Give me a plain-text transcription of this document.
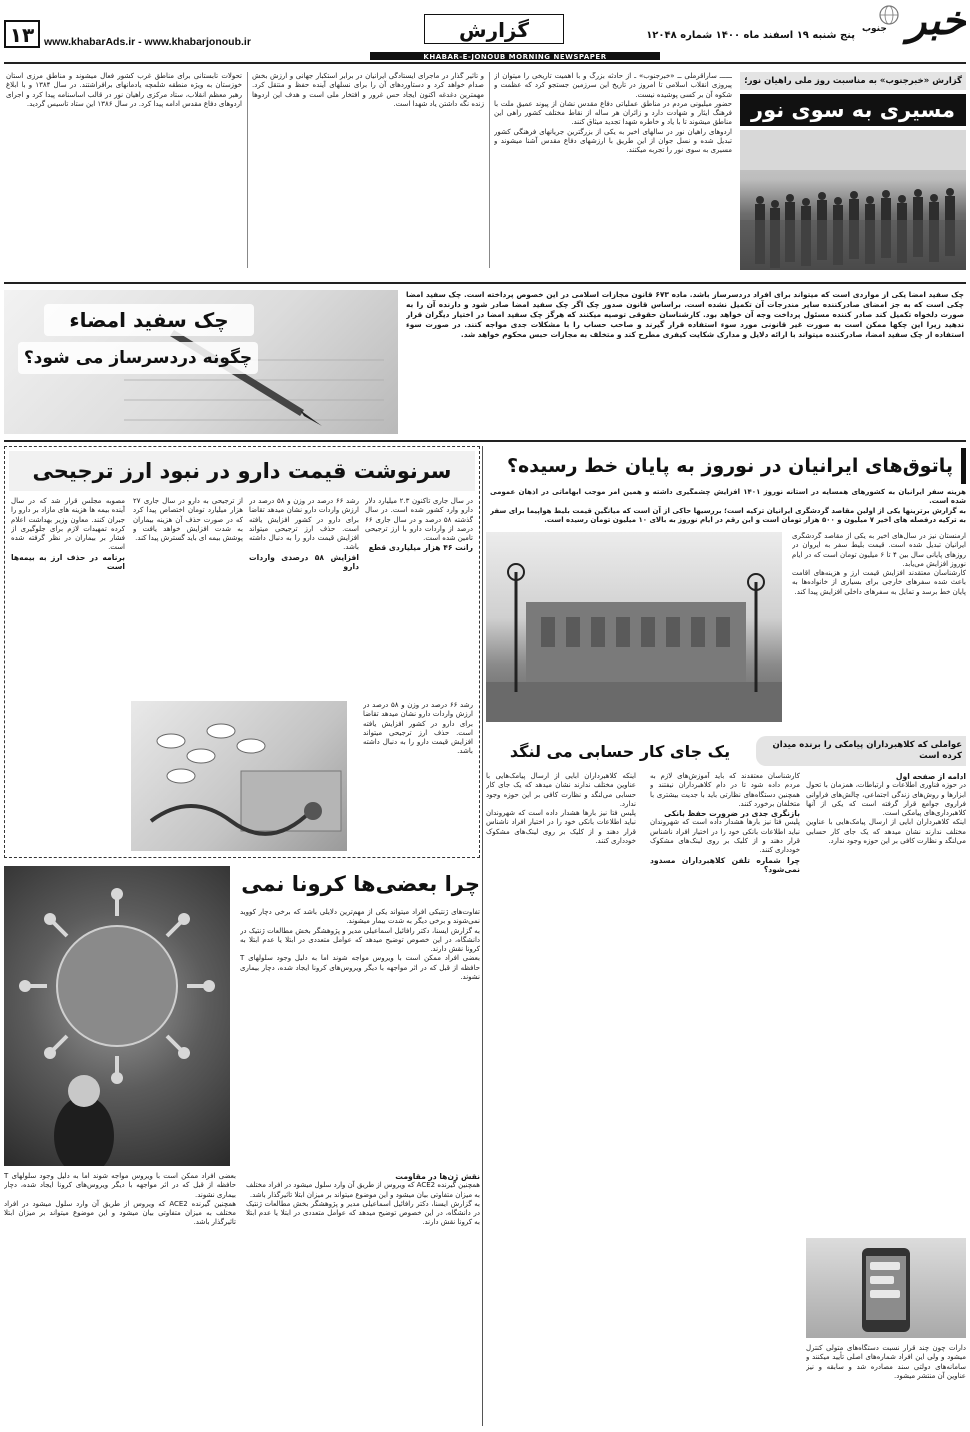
۱۳ www.khabarAds.ir - www.khabarjonoub.ir	گزارش	پنج شنبه ۱۹ اسفند ماه ۱۴۰۰ شماره ۱۲۰۴۸ خبر
جنوب
KHABAR-E-JONOUB MORNING NEWSPAPER
گزارش «خبرجنوب» به مناسبت روز ملی راهیان نور؛
مسیری به سوی نور

ــــــ ساراقرملی ــ «خبرجنوب» ـ از حادثه بزرگ و با اهمیت تاریخی را میتوان از پیروزی انقلاب اسلامی تا امروز در تاریخ این سرزمین جستجو کرد که عظمت و شکوه آن بر کسی پوشیده نیست.

حضور میلیونی مردم در مناطق عملیاتی دفاع مقدس نشان از پیوند عمیق ملت با فرهنگ ایثار و شهادت دارد و زائران هر ساله از نقاط مختلف کشور راهی این مناطق میشوند تا با یاد و خاطره شهدا تجدید میثاق کنند.

اردوهای راهیان نور در سالهای اخیر به یکی از بزرگترین جریانهای فرهنگی کشور تبدیل شده و نسل جوان از این طریق با ارزشهای دفاع مقدس آشنا میشوند و مسیری به سوی نور را تجربه میکنند.

و تأثیر گذار در ماجرای ایستادگی ایرانیان در برابر استکبار جهانی و ارزش بخش صدام خواهد کرد و دستاوردهای آن را برای نسلهای آینده حفظ و منتقل کرد. مهمترین دغدغه اکنون ایجاد حس غرور و افتخار ملی است و هدف این اردوها زنده نگه داشتن یاد شهدا است.

تحولات تابستانی برای مناطق غرب کشور فعال میشوند و مناطق مرزی استان خوزستان به ویژه منطقه شلمچه یادمانهای برافراشتند. در سال ۱۳۸۴ و با ابلاغ رهبر معظم انقلاب، ستاد مرکزی راهیان نور در قالب اساسنامه پیدا کرد و اجرای اردوهای دفاع مقدس ادامه پیدا کرد. در سال ۱۳۸۶ این ستاد تاسیس گردید.

چک سفید امضاء
چگونه دردسرساز می شود؟
چک سفید امضا یکی از مواردی است که میتواند برای افراد دردسرساز باشد. ماده ۶۷۳ قانون مجازات اسلامی در این خصوص پرداخته است. چک سفید امضا چکی است که به جز امضای صادرکننده سایر مندرجات آن تکمیل نشده است. براساس قانون صدور چک اگر چک سفید امضا صادر شود و دارنده آن را به صورت دلخواه تکمیل کند صادر کننده مسئول پرداخت وجه آن خواهد بود. کارشناسان حقوقی توصیه میکنند که هرگز چک سفید امضا در اختیار دیگران قرار ندهید زیرا این چکها ممکن است به صورت غیر قانونی مورد سوء استفاده قرار گیرند و صاحب حساب را با مشکلات جدی مواجه کنند. در صورت سوء استفاده از چک سفید امضا، صادرکننده میتواند با ارائه دلایل و مدارک شکایت کیفری مطرح کند و متخلف به مجازات حبس محکوم خواهد شد.
پاتوق‌های ایرانیان در نوروز به پایان خط رسیده؟

هزینه سفر ایرانیان به کشورهای همسایه در آستانه نوروز ۱۴۰۱ افزایش چشمگیری داشته و همین امر موجب ابهاماتی در اذهان عمومی شده است.

به گزارش برترینها یکی از اولین مقاصد گردشگری ایرانیان ترکیه است؛ بررسیها حاکی از آن است که میانگین قیمت بلیط هواپیما برای سفر به ترکیه درفصله های اخیر ۷ میلیون و ۵۰۰ هزار تومان است و این رقم در ایام نوروز به بالای ۱۰ میلیون تومان رسیده است.

ارمنستان نیز در سال‌های اخیر به یکی از مقاصد گردشگری ایرانیان تبدیل شده است. قیمت بلیط سفر به ایروان در روزهای پایانی سال بین ۴ تا ۶ میلیون تومان است که در ایام نوروز افزایش می‌یابد.

کارشناسان معتقدند افزایش قیمت ارز و هزینه‌های اقامت باعث شده سفرهای خارجی برای بسیاری از خانواده‌ها به پایان خط برسد و تمایل به سفرهای داخلی افزایش پیدا کند.

سرنوشت قیمت دارو در نبود ارز ترجیحی

در سال جاری تاکنون ۲.۳ میلیارد دلار دارو وارد کشور شده است. در سال گذشته ۵۸ درصد و در سال جاری ۶۶ درصد از واردات دارو با ارز ترجیحی تامین شده است.

رانت ۴۶ هزار میلیاردی قطع

رشد ۶۶ درصد در وزن و ۵۸ درصد در ارزش واردات دارو نشان میدهد تقاضا برای دارو در کشور افزایش یافته است. حذف ارز ترجیحی میتواند افزایش قیمت دارو را به دنبال داشته باشد.

افزایش ۵۸ درصدی واردات دارو

از ترجیحی به دارو در سال جاری ۲۷ هزار میلیارد تومان اختصاص پیدا کرد که در صورت حذف آن هزینه بیماران به شدت افزایش خواهد یافت و پوشش بیمه ای باید گسترش پیدا کند.

مصوبه مجلس قرار شد که در سال آینده بیمه ها هزینه های مازاد بر دارو را جبران کنند. معاون وزیر بهداشت اعلام کرده تمهیدات لازم برای جلوگیری از فشار بر بیماران در نظر گرفته شده است.

برنامه در حذف ارز به بیمه‌ها است

رشد ۶۶ درصد در وزن و ۵۸ درصد در ارزش واردات دارو نشان میدهد تقاضا برای دارو در کشور افزایش یافته است. حذف ارز ترجیحی میتواند افزایش قیمت دارو را به دنبال داشته باشد.

عواملی که کلاهبرداران پیامکی را برنده میدان کرده است
یک جای کار حسابی می لنگد

ادامه از صفحه اول

در حوزه فناوری اطلاعات و ارتباطات، همزمان با تحول ابزارها و روش‌های زندگی اجتماعی، چالش‌های فراوانی فراروی جوامع قرار گرفته است که یکی از آنها کلاهبرداری‌های پیامکی است.

اینکه کلاهبرداران ابایی از ارسال پیامک‌هایی با عناوین مختلف ندارند نشان میدهد که یک جای کار حسابی می‌لنگد و نظارت کافی بر این حوزه وجود ندارد.

کارشناسان معتقدند که باید آموزش‌های لازم به مردم داده شود تا در دام کلاهبرداران نیفتند و همچنین دستگاه‌های نظارتی باید با جدیت بیشتری با متخلفان برخورد کنند.

بازنگری جدی در ضرورت حفظ بانکی

پلیس فتا نیز بارها هشدار داده است که شهروندان نباید اطلاعات بانکی خود را در اختیار افراد ناشناس قرار دهند و از کلیک بر روی لینک‌های مشکوک خودداری کنند.

چرا شماره تلفن کلاهبرداران مسدود نمی‌شود؟

اینکه کلاهبرداران ابایی از ارسال پیامک‌هایی با عناوین مختلف ندارند نشان میدهد که یک جای کار حسابی می‌لنگد و نظارت کافی بر این حوزه وجود ندارد.

پلیس فتا نیز بارها هشدار داده است که شهروندان نباید اطلاعات بانکی خود را در اختیار افراد ناشناس قرار دهند و از کلیک بر روی لینک‌های مشکوک خودداری کنند.

دارات چون چند قرار نسبت دستگاه‌های متولی کنترل میشود و ولی این افراد شماره‌های اصلی تأیید میکنند و سامانه‌های دولتی سند مصادره شد و سابقه و نیز عناوین آن منتشر میشود.

چرا بعضی‌ها کرونا نمی

تفاوت‌های ژنتیکی افراد میتواند یکی از مهم‌ترین دلایلی باشد که برخی دچار کووید نمی‌شوند و برخی دیگر به شدت بیمار میشوند.

به گزارش ایسنا، دکتر رافائیل اسماعیلی مدیر و پژوهشگر بخش مطالعات ژنتیک در دانشگاه، در این خصوص توضیح میدهد که عوامل متعددی در ابتلا یا عدم ابتلا به کرونا نقش دارند.

بعضی افراد ممکن است با ویروس مواجه شوند اما به دلیل وجود سلولهای T حافظه از قبل که در اثر مواجهه با دیگر ویروس‌های کرونا ایجاد شده، دچار بیماری نشوند.

نقش ژن‌ها در مقاومت

همچنین گیرنده ACE2 که ویروس از طریق آن وارد سلول میشود در افراد مختلف به میزان متفاوتی بیان میشود و این موضوع میتواند بر میزان ابتلا تاثیرگذار باشد.

به گزارش ایسنا، دکتر رافائیل اسماعیلی مدیر و پژوهشگر بخش مطالعات ژنتیک در دانشگاه، در این خصوص توضیح میدهد که عوامل متعددی در ابتلا یا عدم ابتلا به کرونا نقش دارند.

بعضی افراد ممکن است با ویروس مواجه شوند اما به دلیل وجود سلولهای T حافظه از قبل که در اثر مواجهه با دیگر ویروس‌های کرونا ایجاد شده، دچار بیماری نشوند.

همچنین گیرنده ACE2 که ویروس از طریق آن وارد سلول میشود در افراد مختلف به میزان متفاوتی بیان میشود و این موضوع میتواند بر میزان ابتلا تاثیرگذار باشد.
